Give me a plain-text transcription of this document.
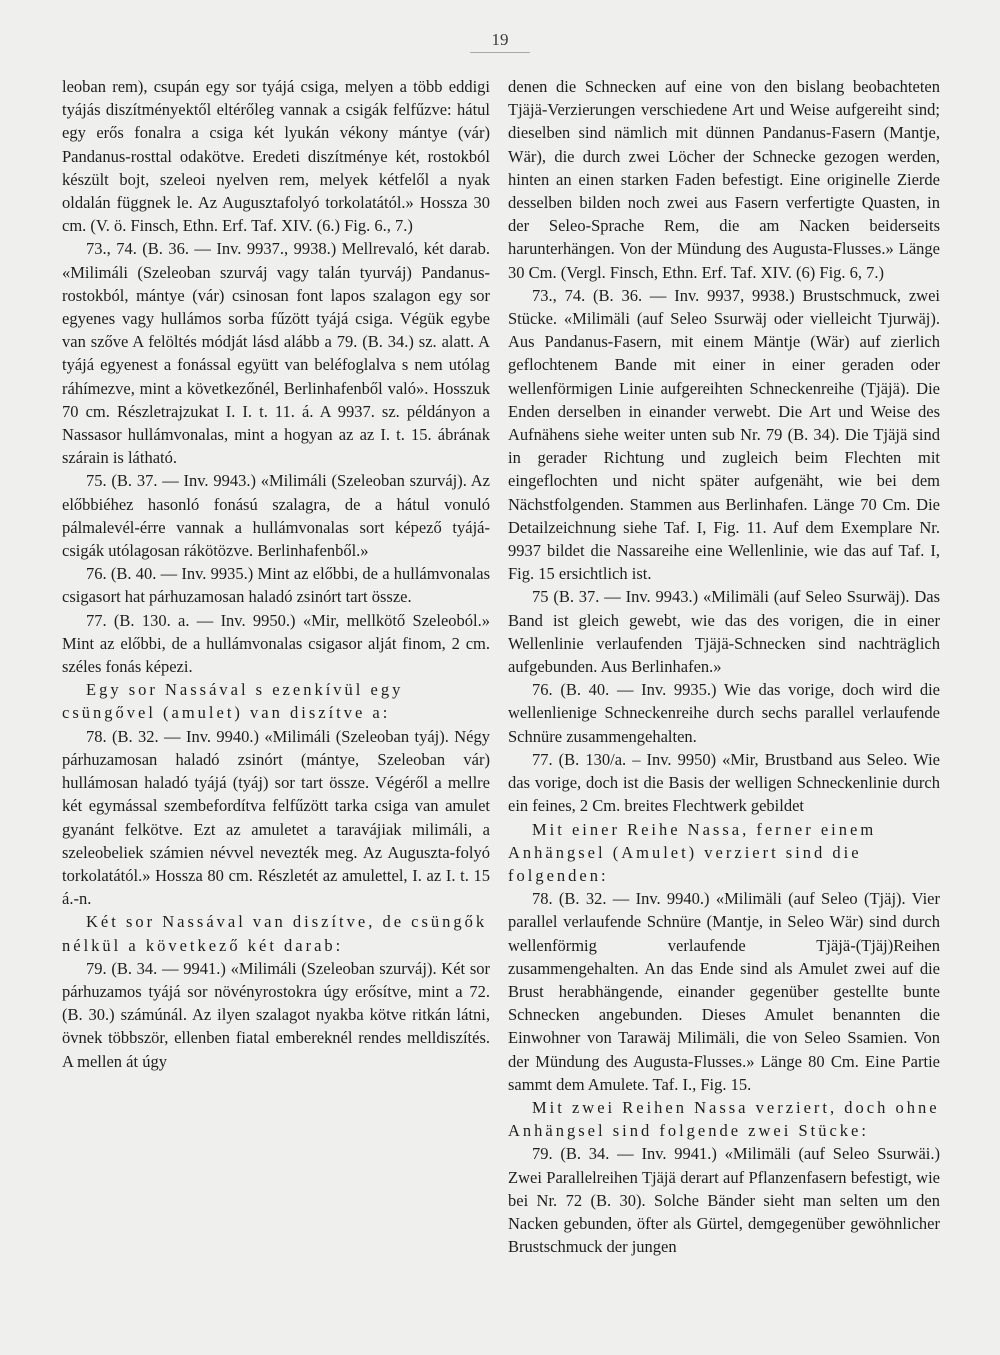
19

leoban rem), csupán egy sor tyájá csiga, melyen a több eddigi tyájás diszítményektől eltérőleg vannak a csigák felfűzve: hátul egy erős fonalra a csiga két lyukán vékony mántye (vár) Pandanus-rosttal odakötve. Eredeti diszítménye két, rostokból készült bojt, szeleoi nyelven rem, melyek kétfelől a nyak oldalán függnek le. Az Augusztafolyó torkolatától.» Hossza 30 cm. (V. ö. Finsch, Ethn. Erf. Taf. XIV. (6.) Fig. 6., 7.)

73., 74. (B. 36. — Inv. 9937., 9938.) Mellrevaló, két darab. «Milimáli (Szeleoban szurváj vagy talán tyurváj) Pandanus-rostokból, mántye (vár) csinosan font lapos szalagon egy sor egyenes vagy hullámos sorba fűzött tyájá csiga. Végük egybe van szőve A felöltés módját lásd alább a 79. (B. 34.) sz. alatt. A tyájá egyenest a fonással együtt van beléfoglalva s nem utólag ráhímezve, mint a következőnél, Berlinhafenből való». Hosszuk 70 cm. Részletrajzukat I. I. t. 11. á. A 9937. sz. példányon a Nassasor hullámvonalas, mint a hogyan az az I. t. 15. ábrának szárain is látható.

75. (B. 37. — Inv. 9943.) «Milimáli (Szeleoban szurváj). Az előbbiéhez hasonló fonású szalagra, de a hátul vonuló pálmalevél-érre vannak a hullámvonalas sort képező tyájá-csigák utólagosan rákötözve. Berlinhafenből.»

76. (B. 40. — Inv. 9935.) Mint az előbbi, de a hullámvonalas csigasort hat párhuzamosan haladó zsinórt tart össze.

77. (B. 130. a. — Inv. 9950.) «Mir, mellkötő Szeleoból.» Mint az előbbi, de a hullámvonalas csigasor alját finom, 2 cm. széles fonás képezi.

Egy sor Nassával s ezenkívül egy csüngővel (amulet) van diszítve a:

78. (B. 32. — Inv. 9940.) «Milimáli (Szeleoban tyáj). Négy párhuzamosan haladó zsinórt (mántye, Szeleoban vár) hullámosan haladó tyájá (tyáj) sor tart össze. Végéről a mellre két egymással szembefordítva felfűzött tarka csiga van amulet gyanánt felkötve. Ezt az amuletet a taravájiak milimáli, a szeleobeliek számien névvel nevezték meg. Az Auguszta-folyó torkolatától.» Hossza 80 cm. Részletét az amulettel, I. az I. t. 15 á.-n.

Két sor Nassával van diszítve, de csüngők nélkül a következő két darab:

79. (B. 34. — 9941.) «Milimáli (Szeleoban szurváj). Két sor párhuzamos tyájá sor növényrostokra úgy erősítve, mint a 72. (B. 30.) számúnál. Az ilyen szalagot nyakba kötve ritkán látni, övnek többször, ellenben fiatal embereknél rendes melldiszítés. A mellen át úgy

denen die Schnecken auf eine von den bislang beobachteten Tjäjä-Verzierungen verschiedene Art und Weise aufgereiht sind; dieselben sind nämlich mit dünnen Pandanus-Fasern (Mantje, Wär), die durch zwei Löcher der Schnecke gezogen werden, hinten an einen starken Faden befestigt. Eine originelle Zierde desselben bilden noch zwei aus Fasern verfertigte Quasten, in der Seleo-Sprache Rem, die am Nacken beiderseits harunterhängen. Von der Mündung des Augusta-Flusses.» Länge 30 Cm. (Vergl. Finsch, Ethn. Erf. Taf. XIV. (6) Fig. 6, 7.)

73., 74. (B. 36. — Inv. 9937, 9938.) Brustschmuck, zwei Stücke. «Milimäli (auf Seleo Ssurwäj oder vielleicht Tjurwäj). Aus Pandanus-Fasern, mit einem Mäntje (Wär) auf zierlich geflochtenem Bande mit einer in einer geraden oder wellenförmigen Linie aufgereihten Schneckenreihe (Tjäjä). Die Enden derselben in einander verwebt. Die Art und Weise des Aufnähens siehe weiter unten sub Nr. 79 (B. 34). Die Tjäjä sind in gerader Richtung und zugleich beim Flechten mit eingeflochten und nicht später aufgenäht, wie bei dem Nächstfolgenden. Stammen aus Berlinhafen. Länge 70 Cm. Die Detailzeichnung siehe Taf. I, Fig. 11. Auf dem Exemplare Nr. 9937 bildet die Nassareihe eine Wellenlinie, wie das auf Taf. I, Fig. 15 ersichtlich ist.

75 (B. 37. — Inv. 9943.) «Milimäli (auf Seleo Ssurwäj). Das Band ist gleich gewebt, wie das des vorigen, die in einer Wellenlinie verlaufenden Tjäjä-Schnecken sind nachträglich aufgebunden. Aus Berlinhafen.»

76. (B. 40. — Inv. 9935.) Wie das vorige, doch wird die wellenlienige Schneckenreihe durch sechs parallel verlaufende Schnüre zusammengehalten.

77. (B. 130/a. – Inv. 9950) «Mir, Brustband aus Seleo. Wie das vorige, doch ist die Basis der welligen Schneckenlinie durch ein feines, 2 Cm. breites Flechtwerk gebildet

Mit einer Reihe Nassa, ferner einem Anhängsel (Amulet) verziert sind die folgenden:

78. (B. 32. — Inv. 9940.) «Milimäli (auf Seleo (Tjäj). Vier parallel verlaufende Schnüre (Mantje, in Seleo Wär) sind durch wellenförmig verlaufende Tjäjä-(Tjäj)Reihen zusammengehalten. An das Ende sind als Amulet zwei auf die Brust herabhängende, einander gegenüber gestellte bunte Schnecken angebunden. Dieses Amulet benannten die Einwohner von Tarawäj Milimäli, die von Seleo Ssamien. Von der Mündung des Augusta-Flusses.» Länge 80 Cm. Eine Partie sammt dem Amulete. Taf. I., Fig. 15.

Mit zwei Reihen Nassa verziert, doch ohne Anhängsel sind folgende zwei Stücke:

79. (B. 34. — Inv. 9941.) «Milimäli (auf Seleo Ssurwäi.) Zwei Parallelreihen Tjäjä derart auf Pflanzenfasern befestigt, wie bei Nr. 72 (B. 30). Solche Bänder sieht man selten um den Nacken gebunden, öfter als Gürtel, demgegenüber gewöhnlicher Brustschmuck der jungen
